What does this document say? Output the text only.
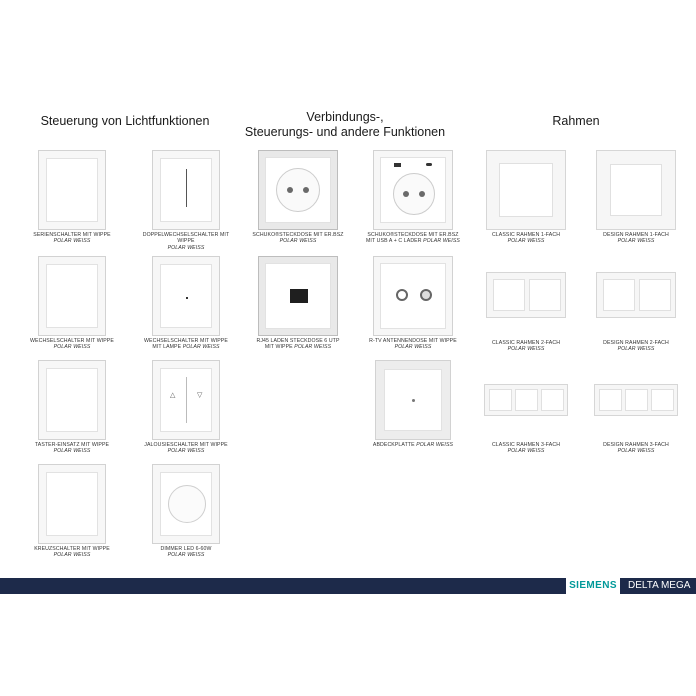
Steuerung von Lichtfunktionen	Verbindungs-,
Steuerungs- und andere Funktionen
Rahmen
SERIENSCHALTER MIT WIPPE
POLAR WEISS
DOPPELWECHSELSCHALTER MIT WIPPE
POLAR WEISS
WECHSELSCHALTER MIT WIPPE
POLAR WEISS
WECHSELSCHALTER MIT WIPPE
MIT LAMPE POLAR WEISS
TASTER-EINSATZ MIT WIPPE
POLAR WEISS
△	▽
JALOUSIESCHALTER MIT WIPPE
POLAR WEISS
KREUZSCHALTER MIT WIPPE
POLAR WEISS
DIMMER LED 6-60W
POLAR WEISS
SCHUKO®STECKDOSE MIT ER.BSZ
POLAR WEISS
SCHUKO®STECKDOSE MIT ER.BSZ
MIT USB A + C LADER POLAR WEISS
RJ45 LADEN STECKDOSE 6 UTP
MIT WIPPE POLAR WEISS
R-TV ANTENNENDOSE MIT WIPPE
POLAR WEISS
ABDECKPLATTE POLAR WEISS
CLASSIC RAHMEN 1-FACH
POLAR WEISS
DESIGN RAHMEN 1-FACH
POLAR WEISS
CLASSIC RAHMEN 2-FACH
POLAR WEISS
DESIGN RAHMEN 2-FACH
POLAR WEISS
CLASSIC RAHMEN 3-FACH
POLAR WEISS
DESIGN RAHMEN 3-FACH
POLAR WEISS
SIEMENS	DELTA MEGA
